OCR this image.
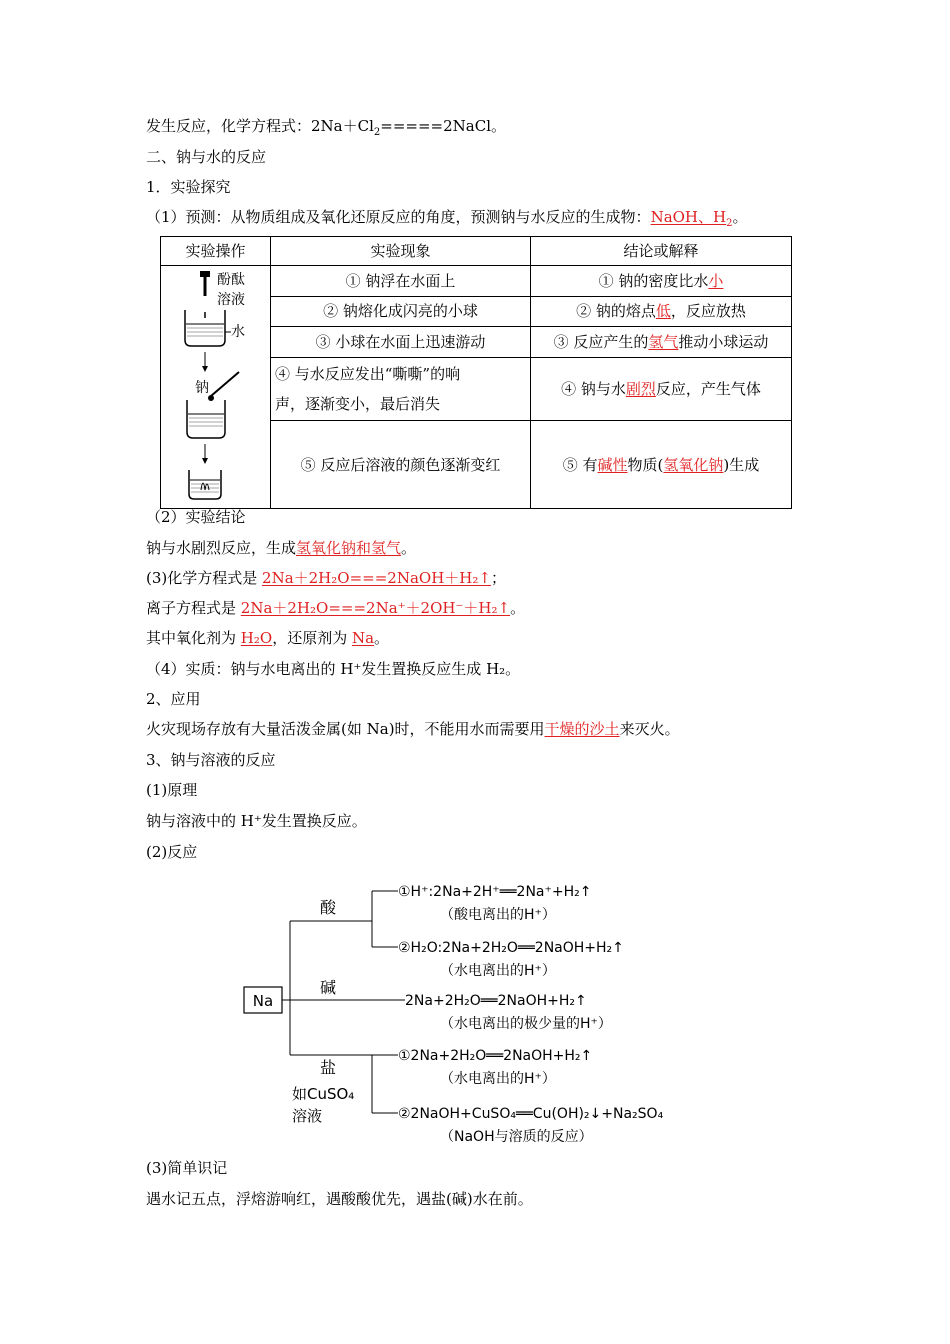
发生反应，化学方程式：$2Na+Cl_2=====2NaCl$。
二、钠与水的反应
1．实验探究
（1）预测：从物质组成及氧化还原反应的角度，预测钠与水反应的生成物：NaOH、$H_2$。
实验操作	实验现象	结论或解释

酚酞
溶液
水
钠	① 钠浮在水面上	① 钠的密度比水小
	② 钠熔化成闪亮的小球	② 钠的熔点低，反应放热
	③ 小球在水面上迅速游动	③ 反应产生的氢气推动小球运动

	④ 与水反应发出“嘶嘶”的响
声，逐渐变小，最后消失	④ 钠与水剧烈反应，产生气体
	⑤ 反应后溶液的颜色逐渐变红	⑤ 有碱性物质(氢氧化钠)生成
（2）实验结论
钠与水剧烈反应，生成氢氧化钠和氢气。
(3)化学方程式是 2Na＋2H₂O===2NaOH＋H₂↑；
离子方程式是 2Na＋2H₂O===2Na⁺＋2OH⁻＋H₂↑。
其中氧化剂为 H₂O，还原剂为 Na。
（4）实质：钠与水电离出的 H⁺发生置换反应生成 H₂。
2、应用
火灾现场存放有大量活泼金属(如 Na)时，不能用水而需要用干燥的沙土来灭火。
3、钠与溶液的反应
(1)原理
钠与溶液中的 H⁺发生置换反应。
(2)反应
Na
酸
碱
盐
如CuSO₄
溶液
①H⁺:2Na+2H⁺══2Na⁺+H₂↑
（酸电离出的H⁺）
②H₂O:2Na+2H₂O══2NaOH+H₂↑
（水电离出的H⁺）
2Na+2H₂O══2NaOH+H₂↑
（水电离出的极少量的H⁺）
①2Na+2H₂O══2NaOH+H₂↑
（水电离出的H⁺）
②2NaOH+CuSO₄══Cu(OH)₂↓+Na₂SO₄
（NaOH与溶质的反应）
(3)简单识记
遇水记五点，浮熔游响红，遇酸酸优先，遇盐(碱)水在前。
